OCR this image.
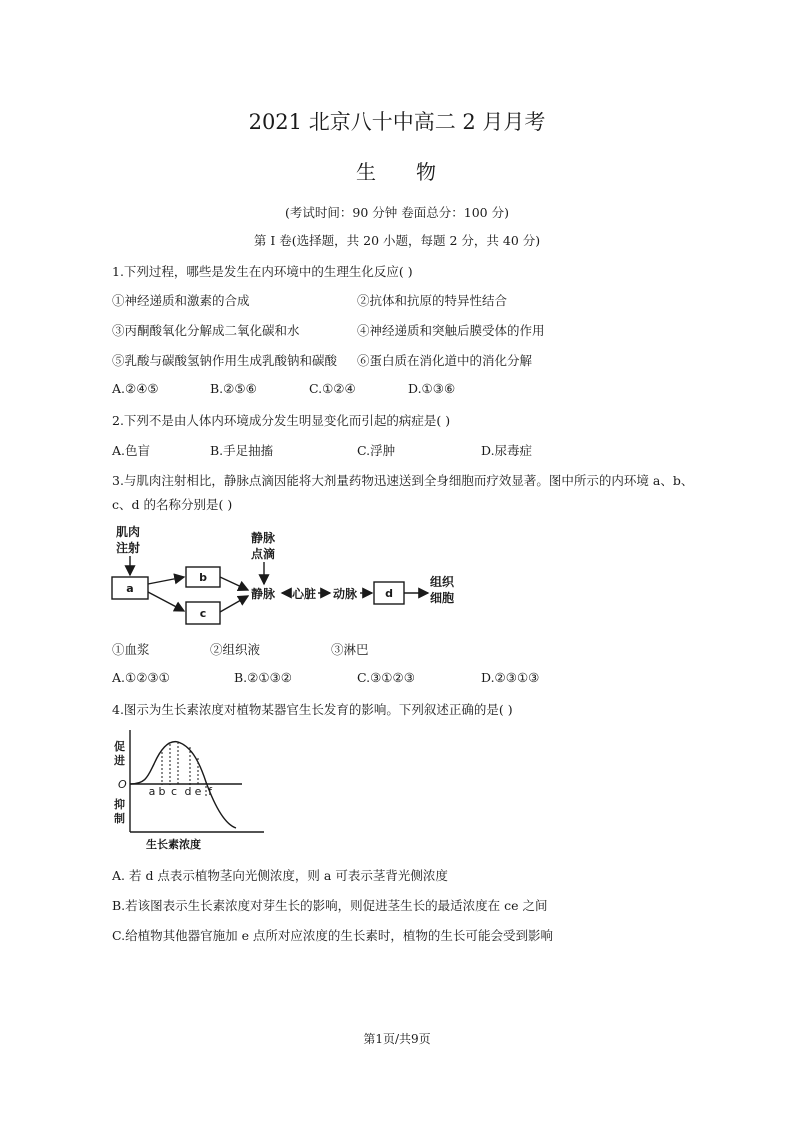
2021 北京八十中高二 2 月月考
生物
(考试时间：90 分钟 卷面总分：100 分)
第 I 卷(选择题，共 20 小题，每题 2 分，共 40 分)
1.下列过程，哪些是发生在内环境中的生理生化反应( )
①神经递质和激素的合成	②抗体和抗原的特异性结合
③丙酮酸氧化分解成二氧化碳和水	④神经递质和突触后膜受体的作用
⑤乳酸与碳酸氢钠作用生成乳酸钠和碳酸 ⑥蛋白质在消化道中的消化分解
A.②④⑤	B.②⑤⑥	C.①②④	D.①③⑥
2.下列不是由人体内环境成分发生明显变化而引起的病症是( )
A.色盲	B.手足抽搐	C.浮肿	D.尿毒症
3.与肌肉注射相比，静脉点滴因能将大剂量药物迅速送到全身细胞而疗效显著。图中所示的内环境 a、b、
c、d 的名称分别是( )
肌肉
注射
静脉
点滴
静脉 心脏 动脉
组织
细胞
a
b
c
d
①血浆	②组织液	③淋巴
A.①②③①	B.②①③②	C.③①②③	D.②③①③
4.图示为生长素浓度对植物某器官生长发育的影响。下列叙述正确的是( )
促
进
抑
制
O
生长素浓度
a b c d e f
A. 若 d 点表示植物茎向光侧浓度，则 a 可表示茎背光侧浓度
B.若该图表示生长素浓度对芽生长的影响，则促进茎生长的最适浓度在 ce 之间
C.给植物其他器官施加 e 点所对应浓度的生长素时，植物的生长可能会受到影响
第1页/共9页
